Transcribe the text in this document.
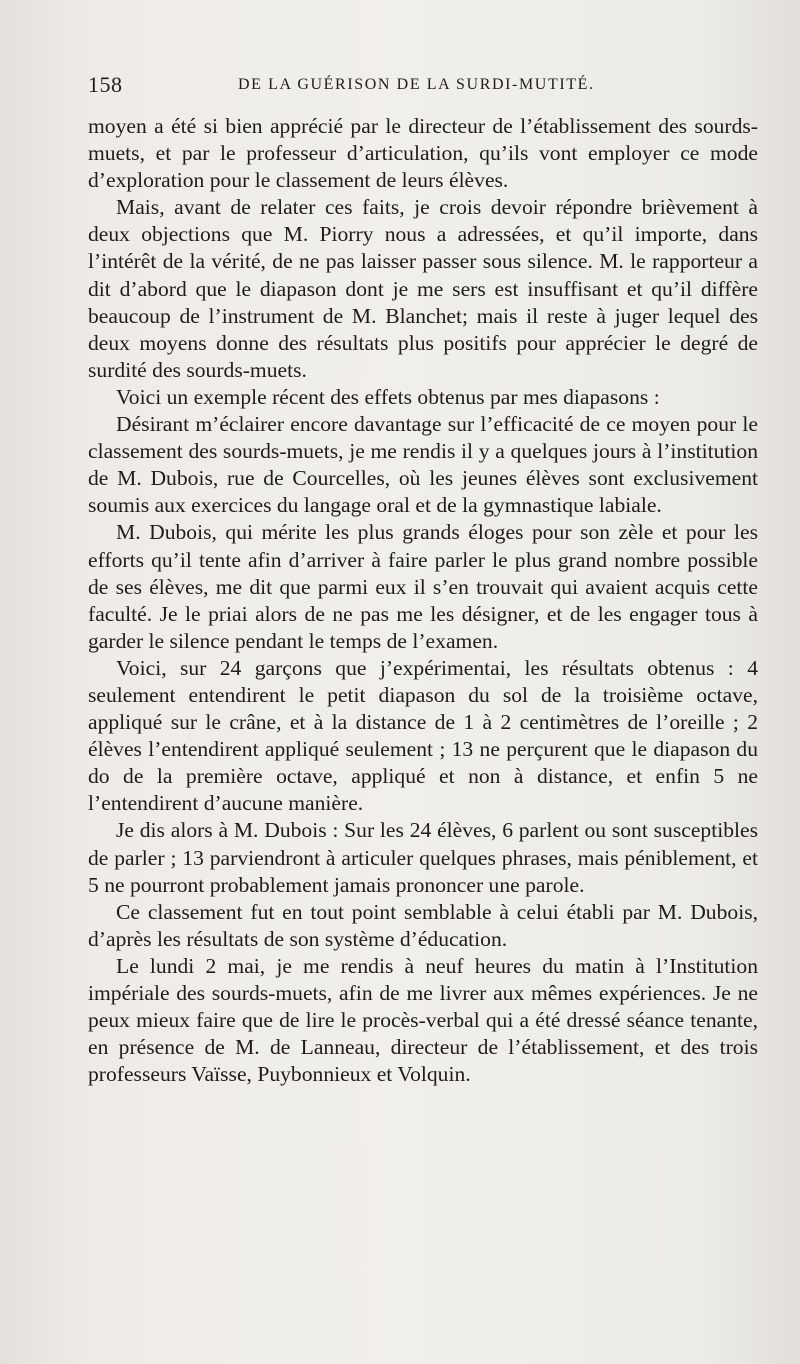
158	DE LA GUÉRISON DE LA SURDI-MUTITÉ.

moyen a été si bien apprécié par le directeur de l’établissement des sourds-muets, et par le professeur d’articulation, qu’ils vont employer ce mode d’exploration pour le classement de leurs élèves.

Mais, avant de relater ces faits, je crois devoir répondre brièvement à deux objections que M. Piorry nous a adressées, et qu’il importe, dans l’intérêt de la vérité, de ne pas laisser passer sous silence. M. le rapporteur a dit d’abord que le diapason dont je me sers est insuffisant et qu’il diffère beaucoup de l’instrument de M. Blanchet; mais il reste à juger lequel des deux moyens donne des résultats plus positifs pour apprécier le degré de surdité des sourds-muets.

Voici un exemple récent des effets obtenus par mes diapasons :

Désirant m’éclairer encore davantage sur l’efficacité de ce moyen pour le classement des sourds-muets, je me rendis il y a quelques jours à l’institution de M. Dubois, rue de Courcelles, où les jeunes élèves sont exclusivement soumis aux exercices du langage oral et de la gymnastique labiale.

M. Dubois, qui mérite les plus grands éloges pour son zèle et pour les efforts qu’il tente afin d’arriver à faire parler le plus grand nombre possible de ses élèves, me dit que parmi eux il s’en trouvait qui avaient acquis cette faculté. Je le priai alors de ne pas me les désigner, et de les engager tous à garder le silence pendant le temps de l’examen.

Voici, sur 24 garçons que j’expérimentai, les résultats obtenus : 4 seulement entendirent le petit diapason du sol de la troisième octave, appliqué sur le crâne, et à la distance de 1 à 2 centimètres de l’oreille ; 2 élèves l’entendirent appliqué seulement ; 13 ne perçurent que le diapason du do de la première octave, appliqué et non à distance, et enfin 5 ne l’entendirent d’aucune manière.

Je dis alors à M. Dubois : Sur les 24 élèves, 6 parlent ou sont susceptibles de parler ; 13 parviendront à articuler quelques phrases, mais péniblement, et 5 ne pourront probablement jamais prononcer une parole.

Ce classement fut en tout point semblable à celui établi par M. Dubois, d’après les résultats de son système d’éducation.

Le lundi 2 mai, je me rendis à neuf heures du matin à l’Institution impériale des sourds-muets, afin de me livrer aux mêmes expériences. Je ne peux mieux faire que de lire le procès-verbal qui a été dressé séance tenante, en présence de M. de Lanneau, directeur de l’établissement, et des trois professeurs Vaïsse, Puybonnieux et Volquin.
